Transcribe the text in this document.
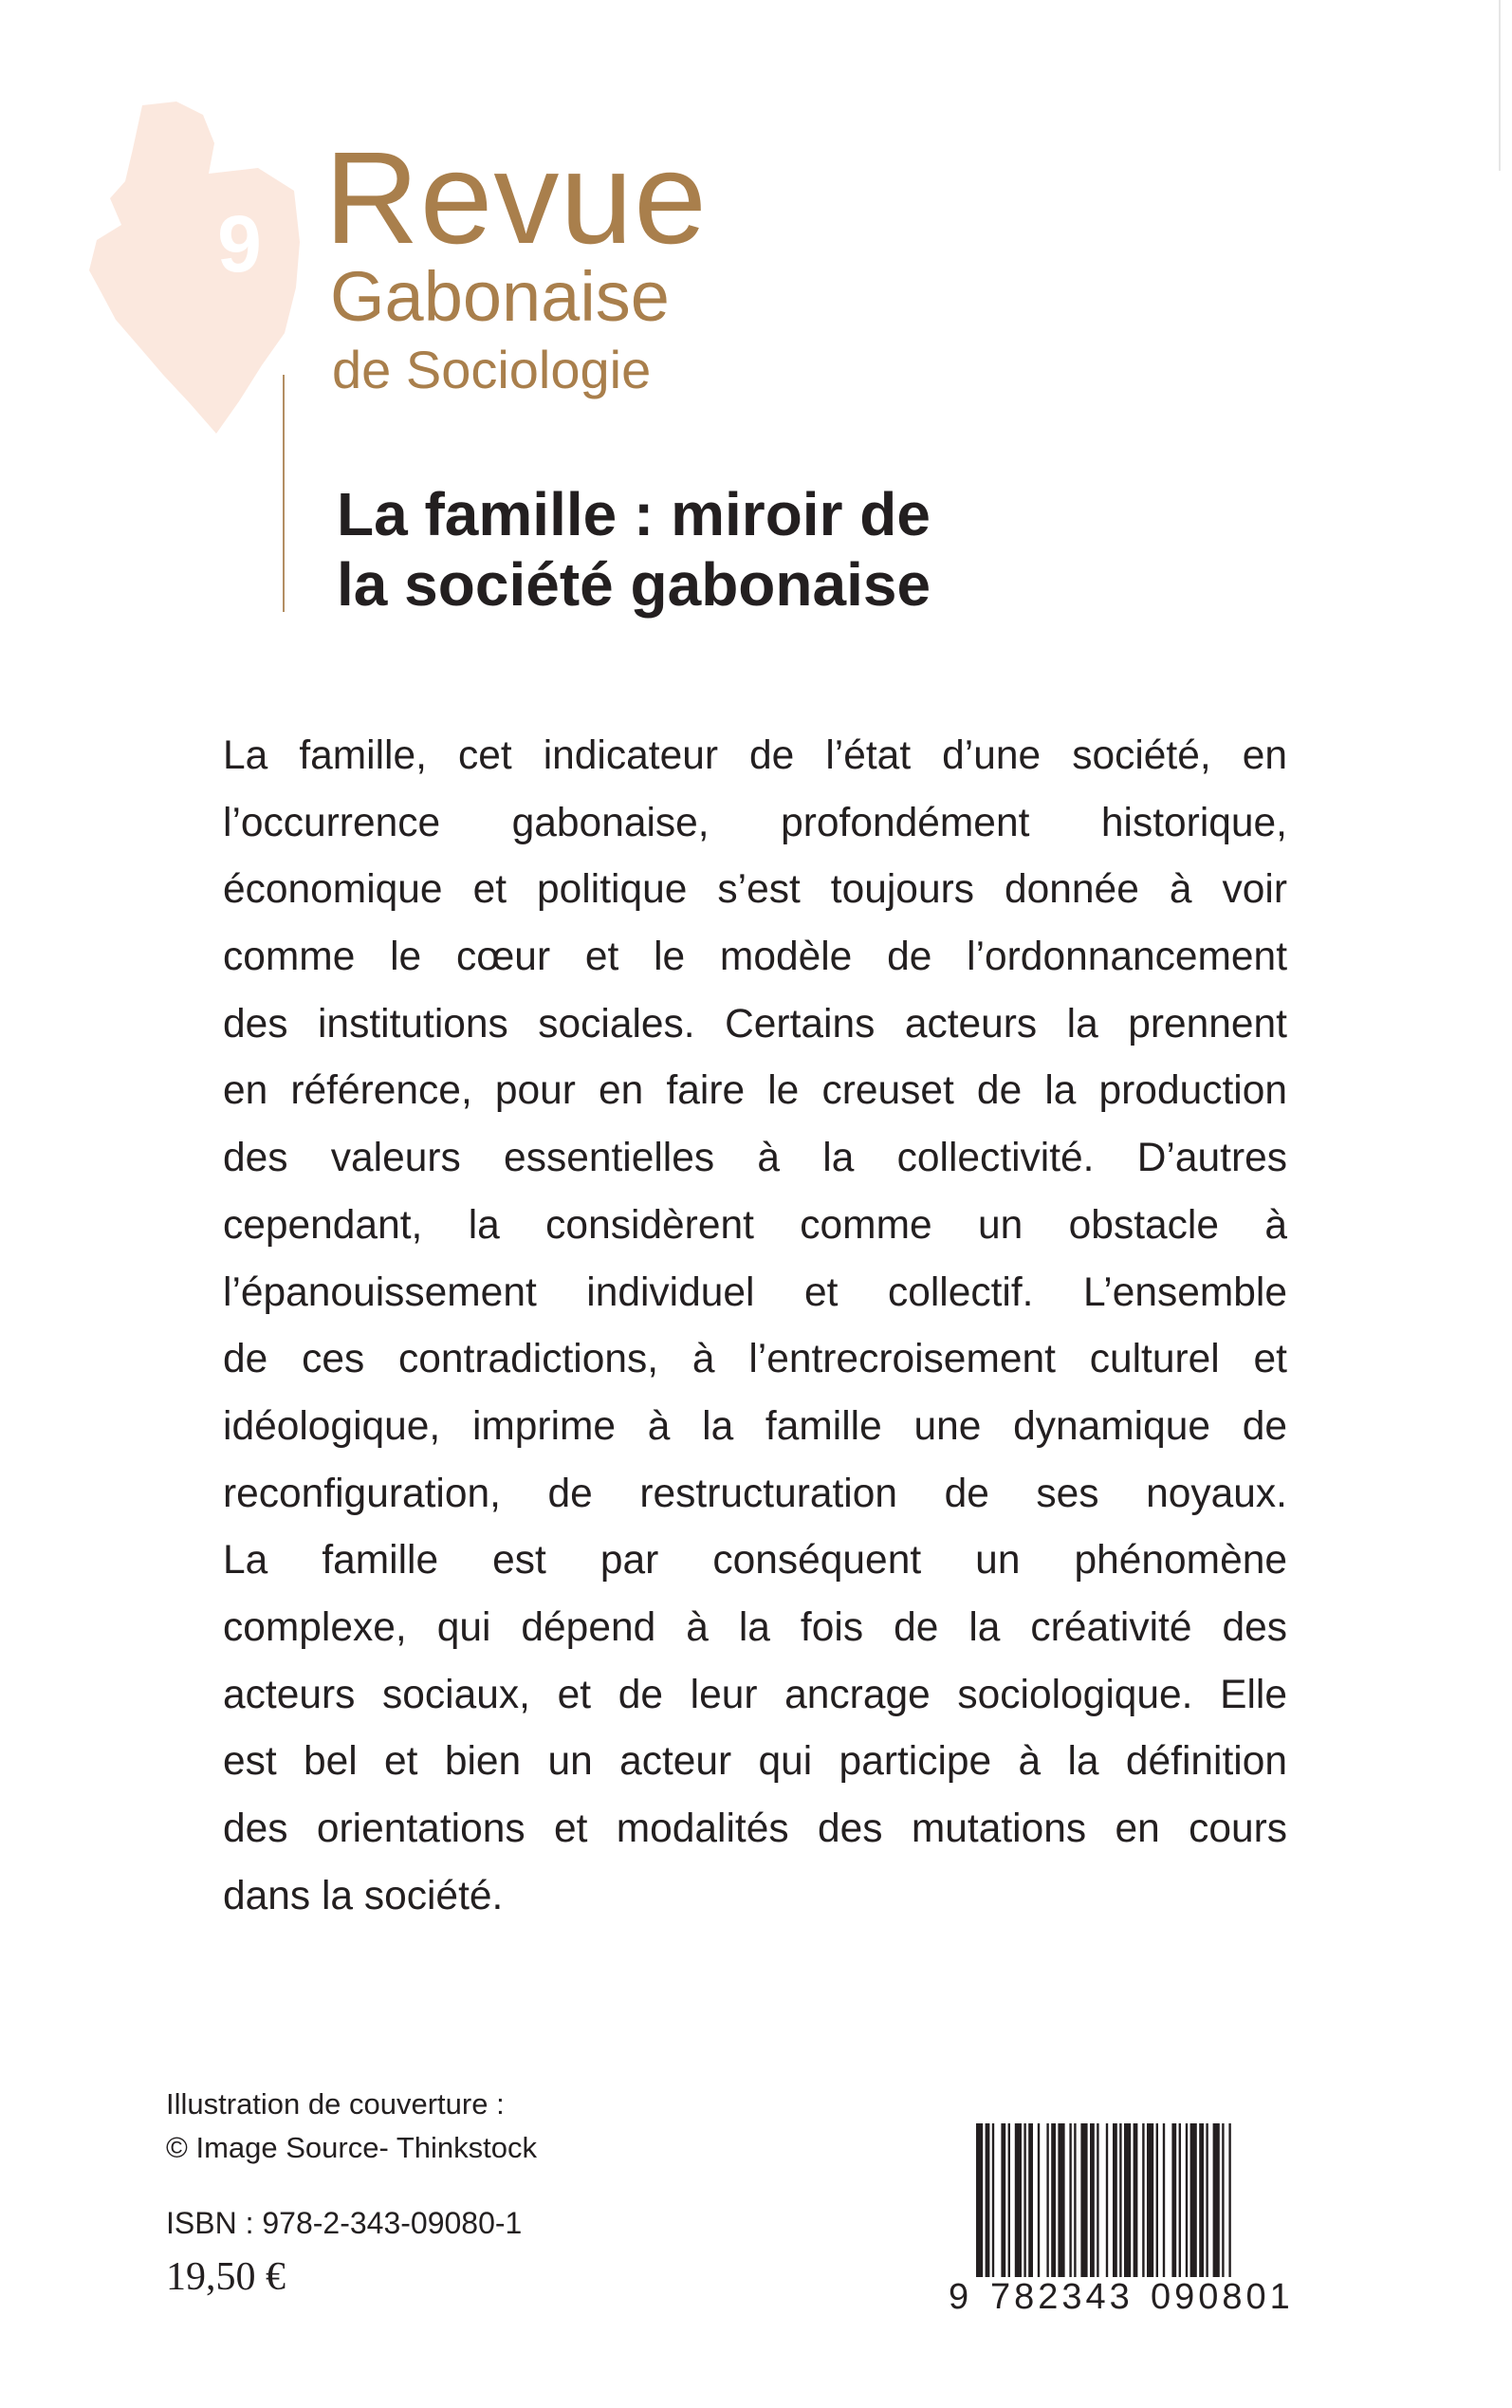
9 Revue
Gabonaise
de Sociologie
La famille : miroir de
la société gabonaise
La famille, cet indicateur de l’état d’une société, en
l’occurrence gabonaise, profondément historique,
économique et politique s’est toujours donnée à voir
comme le cœur et le modèle de l’ordonnancement
des institutions sociales. Certains acteurs la prennent
en référence, pour en faire le creuset de la production
des valeurs essentielles à la collectivité. D’autres
cependant, la considèrent comme un obstacle à
l’épanouissement individuel et collectif. L’ensemble
de ces contradictions, à l’entrecroisement culturel et
idéologique, imprime à la famille une dynamique de
reconfiguration, de restructuration de ses noyaux.
La famille est par conséquent un phénomène
complexe, qui dépend à la fois de la créativité des
acteurs sociaux, et de leur ancrage sociologique. Elle
est bel et bien un acteur qui participe à la définition
des orientations et modalités des mutations en cours
dans la société.
Illustration de couverture :
© Image Source- Thinkstock
ISBN : 978-2-343-09080-1
19,50 €	9 782343 090801
